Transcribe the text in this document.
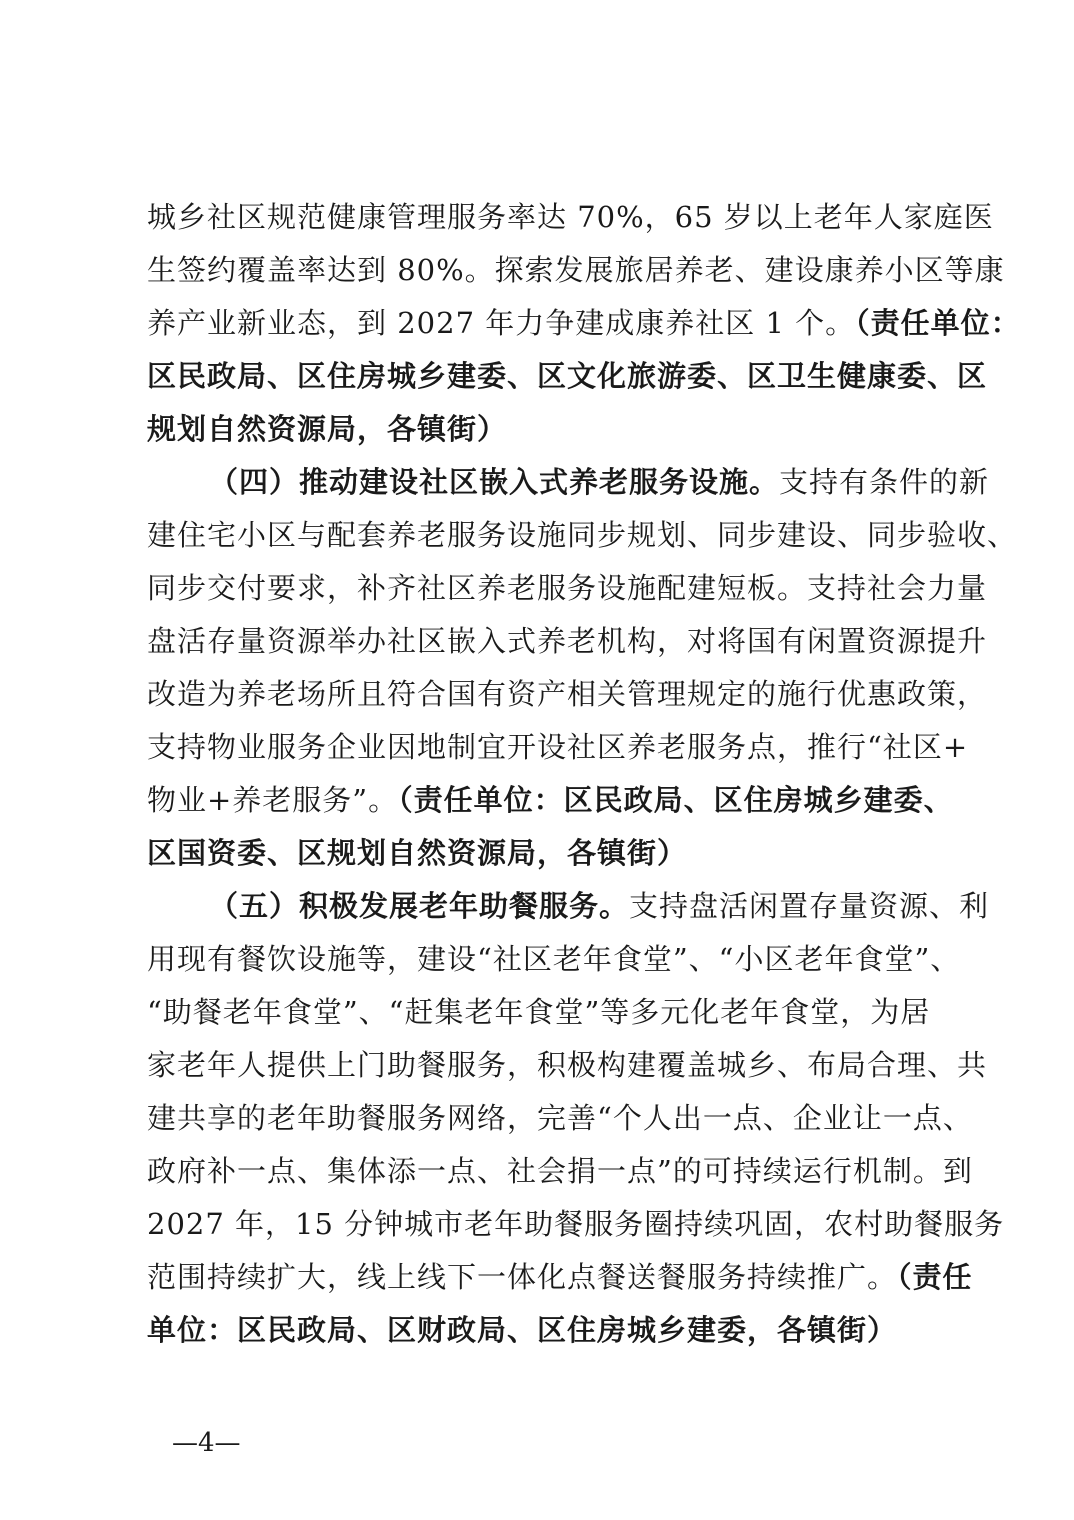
城乡社区规范健康管理服务率达 70%，65 岁以上老年人家庭医
生签约覆盖率达到 80%。探索发展旅居养老、建设康养小区等康
养产业新业态，到 2027 年力争建成康养社区 1 个。（责任单位：
区民政局、区住房城乡建委、区文化旅游委、区卫生健康委、区
规划自然资源局，各镇街）
（四）推动建设社区嵌入式养老服务设施。支持有条件的新
建住宅小区与配套养老服务设施同步规划、同步建设、同步验收、
同步交付要求，补齐社区养老服务设施配建短板。支持社会力量
盘活存量资源举办社区嵌入式养老机构，对将国有闲置资源提升
改造为养老场所且符合国有资产相关管理规定的施行优惠政策，
支持物业服务企业因地制宜开设社区养老服务点，推行“社区+
物业+养老服务”。（责任单位：区民政局、区住房城乡建委、
区国资委、区规划自然资源局，各镇街）
（五）积极发展老年助餐服务。支持盘活闲置存量资源、利
用现有餐饮设施等，建设“社区老年食堂”、“小区老年食堂”、
“助餐老年食堂”、“赶集老年食堂”等多元化老年食堂，为居
家老年人提供上门助餐服务，积极构建覆盖城乡、布局合理、共
建共享的老年助餐服务网络，完善“个人出一点、企业让一点、
政府补一点、集体添一点、社会捐一点”的可持续运行机制。到
2027 年，15 分钟城市老年助餐服务圈持续巩固，农村助餐服务
范围持续扩大，线上线下一体化点餐送餐服务持续推广。（责任
单位：区民政局、区财政局、区住房城乡建委，各镇街）
—4—
